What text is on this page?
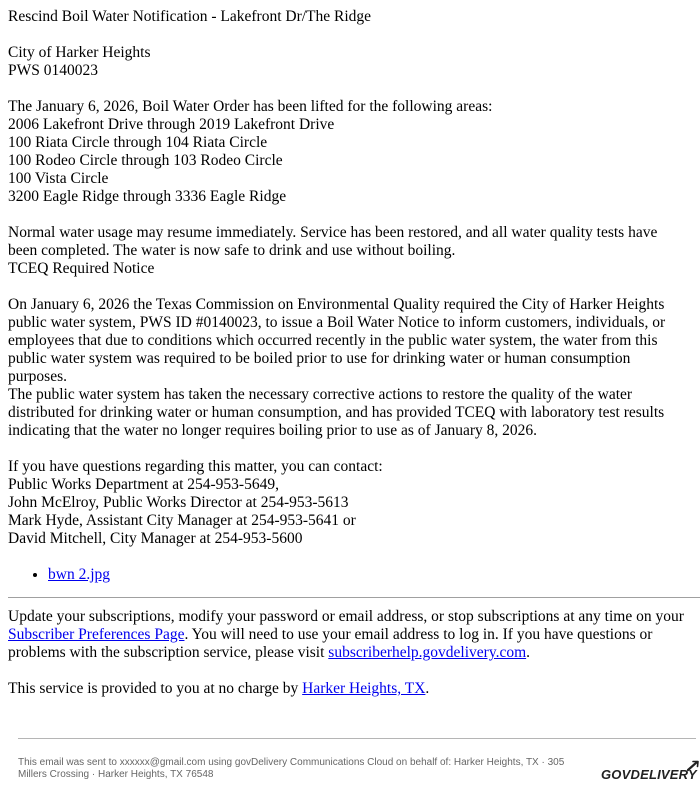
Rescind Boil Water Notification - Lakefront Dr/The Ridge
City of Harker Heights
PWS 0140023
The January 6, 2026, Boil Water Order has been lifted for the following areas:
2006 Lakefront Drive through 2019 Lakefront Drive
100 Riata Circle through 104 Riata Circle
100 Rodeo Circle through 103 Rodeo Circle
100 Vista Circle
3200 Eagle Ridge through 3336 Eagle Ridge
Normal water usage may resume immediately. Service has been restored, and all water quality tests have
been completed. The water is now safe to drink and use without boiling.
TCEQ Required Notice
On January 6, 2026 the Texas Commission on Environmental Quality required the City of Harker Heights public water system, PWS ID #0140023, to issue a Boil Water Notice to inform customers, individuals, or employees that due to conditions which occurred recently in the public water system, the water from this public water system was required to be boiled prior to use for drinking water or human consumption purposes.
The public water system has taken the necessary corrective actions to restore the quality of the water distributed for drinking water or human consumption, and has provided TCEQ with laboratory test results indicating that the water no longer requires boiling prior to use as of January 8, 2026.
If you have questions regarding this matter, you can contact:
Public Works Department at 254-953-5649,
John McElroy, Public Works Director at 254-953-5613
Mark Hyde, Assistant City Manager at 254-953-5641 or
David Mitchell, City Manager at 254-953-5600
• bwn 2.jpg
Update your subscriptions, modify your password or email address, or stop subscriptions at any time on your Subscriber Preferences Page. You will need to use your email address to log in. If you have questions or problems with the subscription service, please visit subscriberhelp.govdelivery.com.
This service is provided to you at no charge by Harker Heights, TX.
This email was sent to xxxxxx@gmail.com using govDelivery Communications Cloud on behalf of: Harker Heights, TX · 305 Millers Crossing · Harker Heights, TX 76548	GOVDELIVERY
